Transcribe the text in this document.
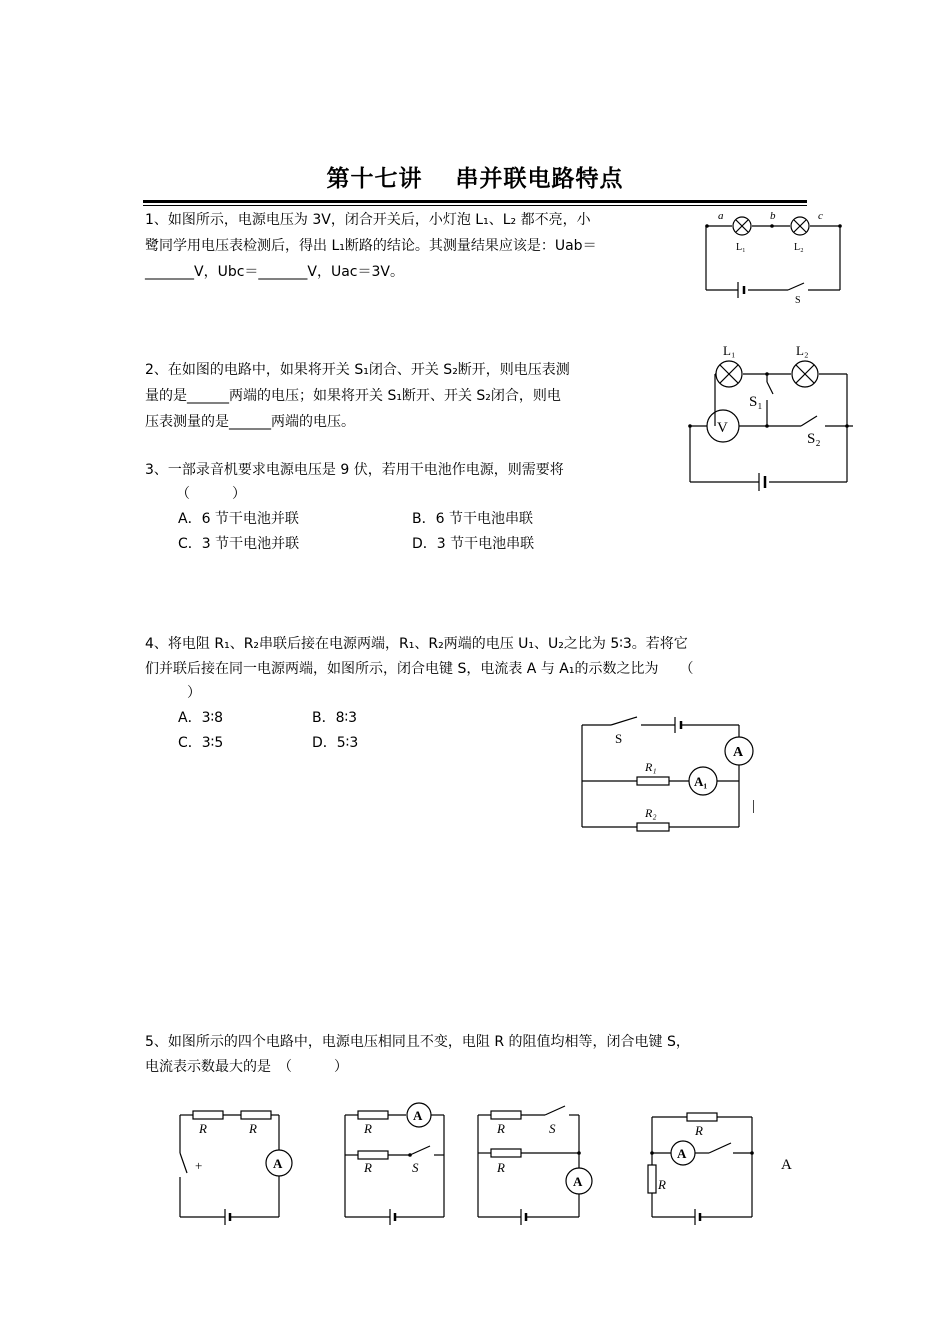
第十七讲　 串并联电路特点
1、如图所示，电源电压为 3V，闭合开关后，小灯泡 L₁、L₂ 都不亮，小
鹭同学用电压表检测后，得出 L₁断路的结论。其测量结果应该是：Uab＝
_______V，Ubc＝_______V，Uac＝3V。
a	b	c
L₁	L₂
S
2、在如图的电路中，如果将开关 S₁闭合、开关 S₂断开，则电压表测
量的是______两端的电压；如果将开关 S₁断开、开关 S₂闭合，则电
压表测量的是______两端的电压。
L₁	L₂
S₁
S₂
V
3、一部录音机要求电源电压是 9 伏，若用干电池作电源，则需要将
（　　　）
A．6 节干电池并联	B．6 节干电池串联
C．3 节干电池并联	D．3 节干电池串联
4、将电阻 R₁、R₂串联后接在电源两端，R₁、R₂两端的电压 U₁、U₂之比为 5∶3。若将它
们并联后接在同一电源两端，如图所示，闭合电键 S，电流表 A 与 A₁的示数之比为　　（
　　　）
A．3∶8	B．8∶3
C．3∶5	D．5∶3	S
R₁
R₂
A
A₁
|
5、如图所示的四个电路中，电源电压相同且不变，电阻 R 的阻值均相等，闭合电键 S，
电流表示数最大的是　（　　　）
R	R
+	A
R
R	S
A
R	S
R
A
R
R
A
A
